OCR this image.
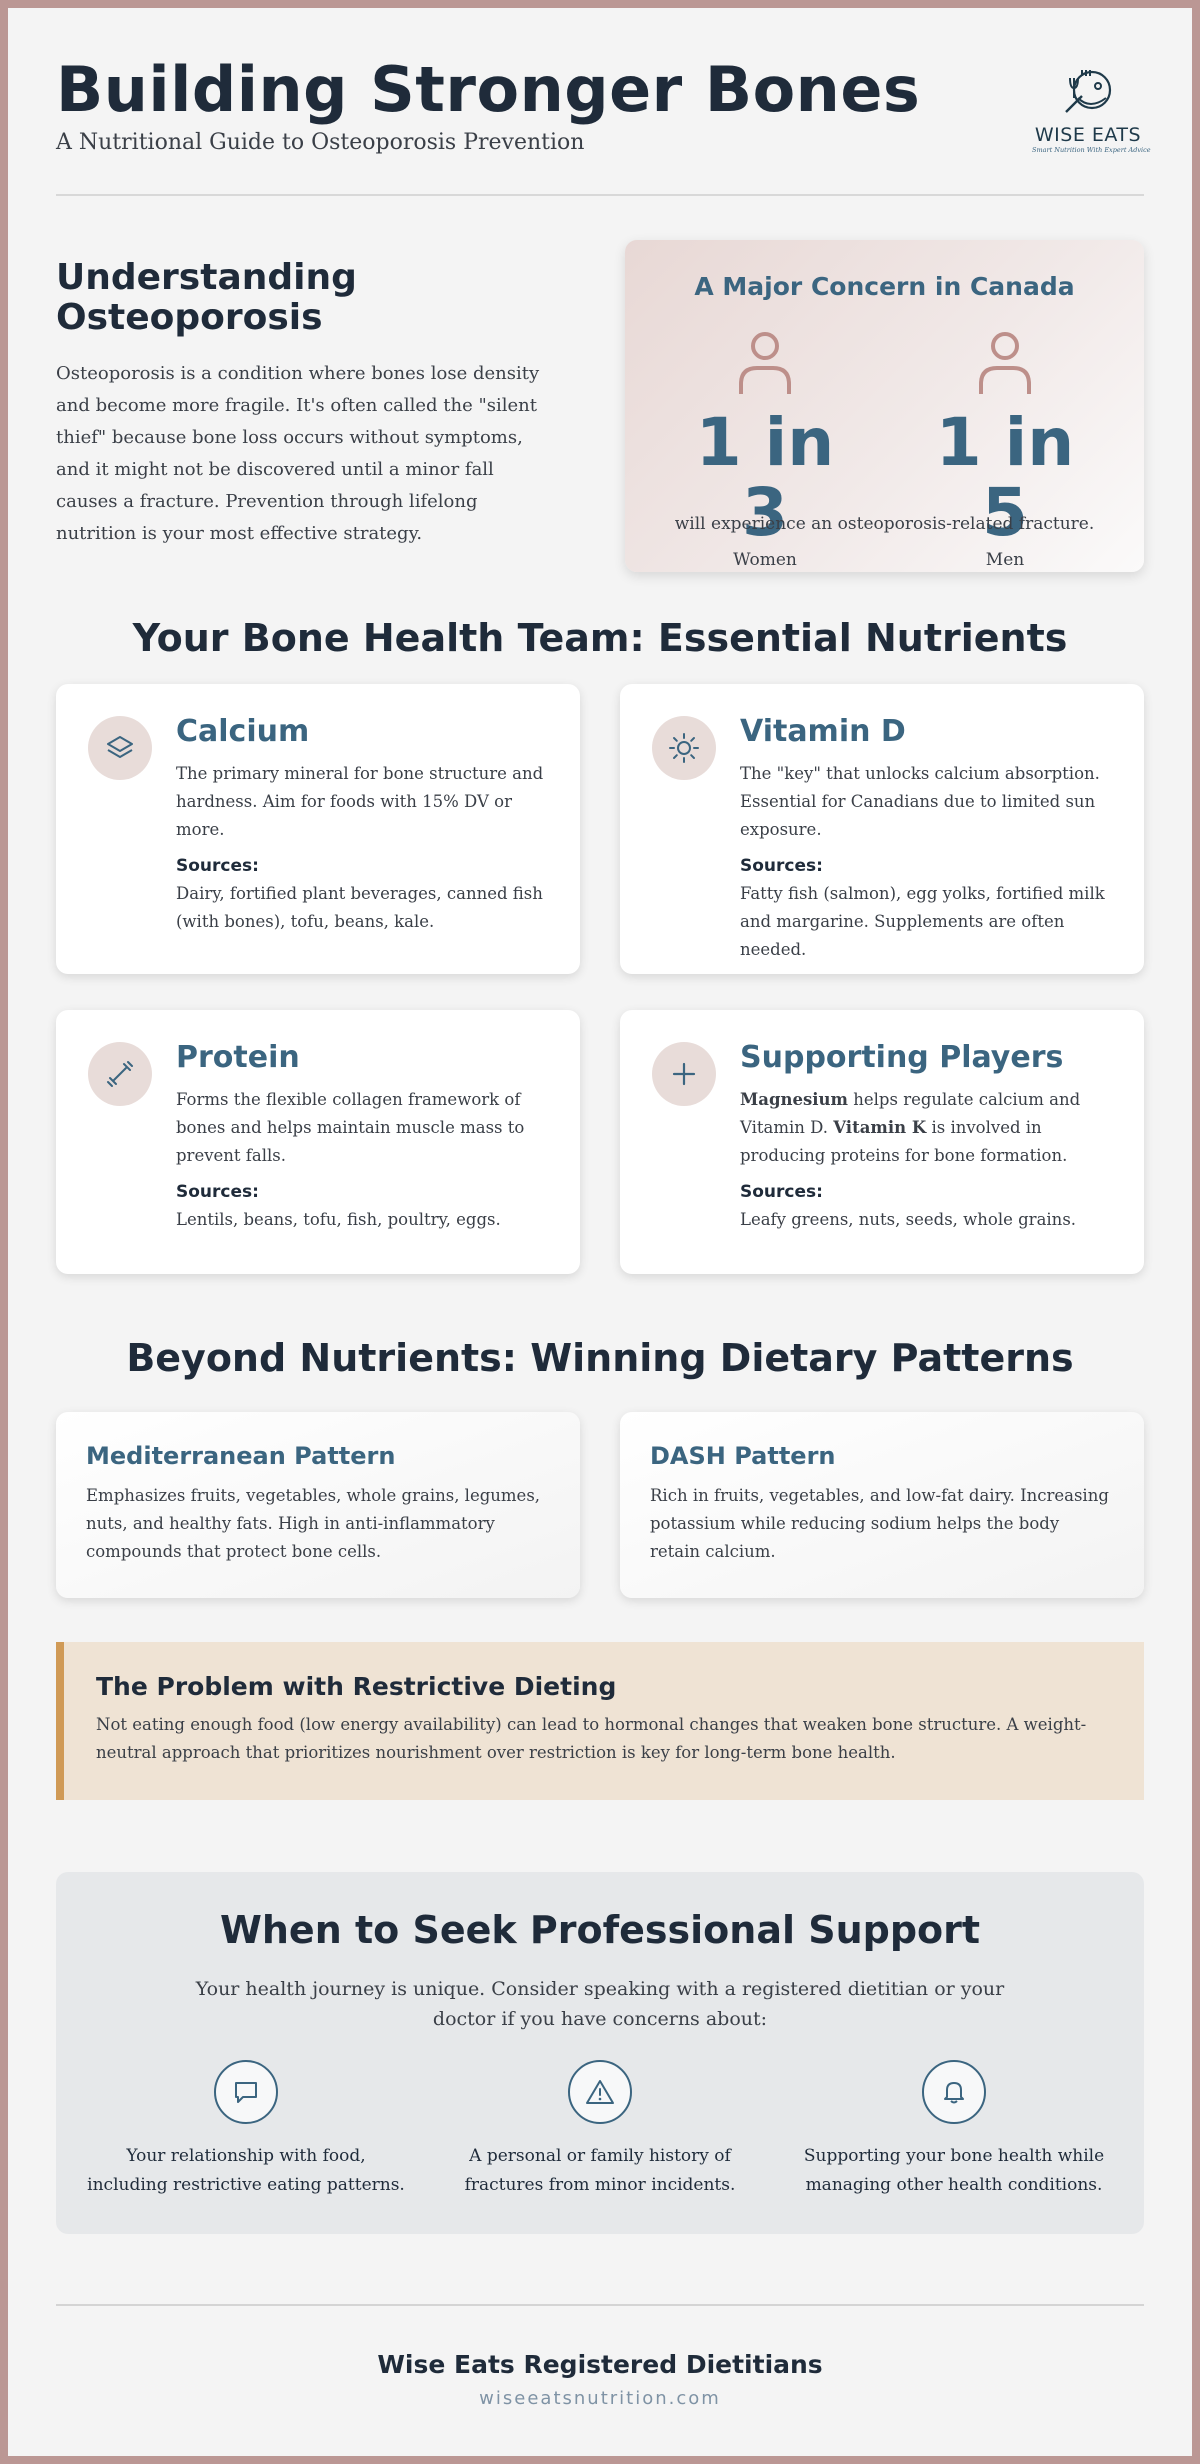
Building Stronger Bones
A Nutritional Guide to Osteoporosis Prevention	WISE EATS
Smart Nutrition With Expert Advice
Understanding Osteoporosis
Osteoporosis is a condition where bones lose density and become more fragile. It's often called the "silent thief" because bone loss occurs without symptoms, and it might not be discovered until a minor fall causes a fracture. Prevention through lifelong nutrition is your most effective strategy.
A Major Concern in Canada
1 in 3
Women
1 in 5
Men
will experience an osteoporosis-related fracture.
Your Bone Health Team: Essential Nutrients
Calcium
The primary mineral for bone structure and hardness. Aim for foods with 15% DV or more.
Sources:
Dairy, fortified plant beverages, canned fish (with bones), tofu, beans, kale.
Vitamin D
The "key" that unlocks calcium absorption. Essential for Canadians due to limited sun exposure.
Sources:
Fatty fish (salmon), egg yolks, fortified milk and margarine. Supplements are often needed.
Protein
Forms the flexible collagen framework of bones and helps maintain muscle mass to prevent falls.
Sources:
Lentils, beans, tofu, fish, poultry, eggs.
Supporting Players
Magnesium helps regulate calcium and Vitamin D. Vitamin K is involved in producing proteins for bone formation.
Sources:
Leafy greens, nuts, seeds, whole grains.
Beyond Nutrients: Winning Dietary Patterns
Mediterranean Pattern
Emphasizes fruits, vegetables, whole grains, legumes, nuts, and healthy fats. High in anti-inflammatory compounds that protect bone cells.
DASH Pattern
Rich in fruits, vegetables, and low-fat dairy. Increasing potassium while reducing sodium helps the body retain calcium.
The Problem with Restrictive Dieting
Not eating enough food (low energy availability) can lead to hormonal changes that weaken bone structure. A weight-neutral approach that prioritizes nourishment over restriction is key for long-term bone health.
When to Seek Professional Support
Your health journey is unique. Consider speaking with a registered dietitian or your doctor if you have concerns about:
Your relationship with food, including restrictive eating patterns.
A personal or family history of fractures from minor incidents.
Supporting your bone health while managing other health conditions.
Wise Eats Registered Dietitians
wiseeatsnutrition.com
